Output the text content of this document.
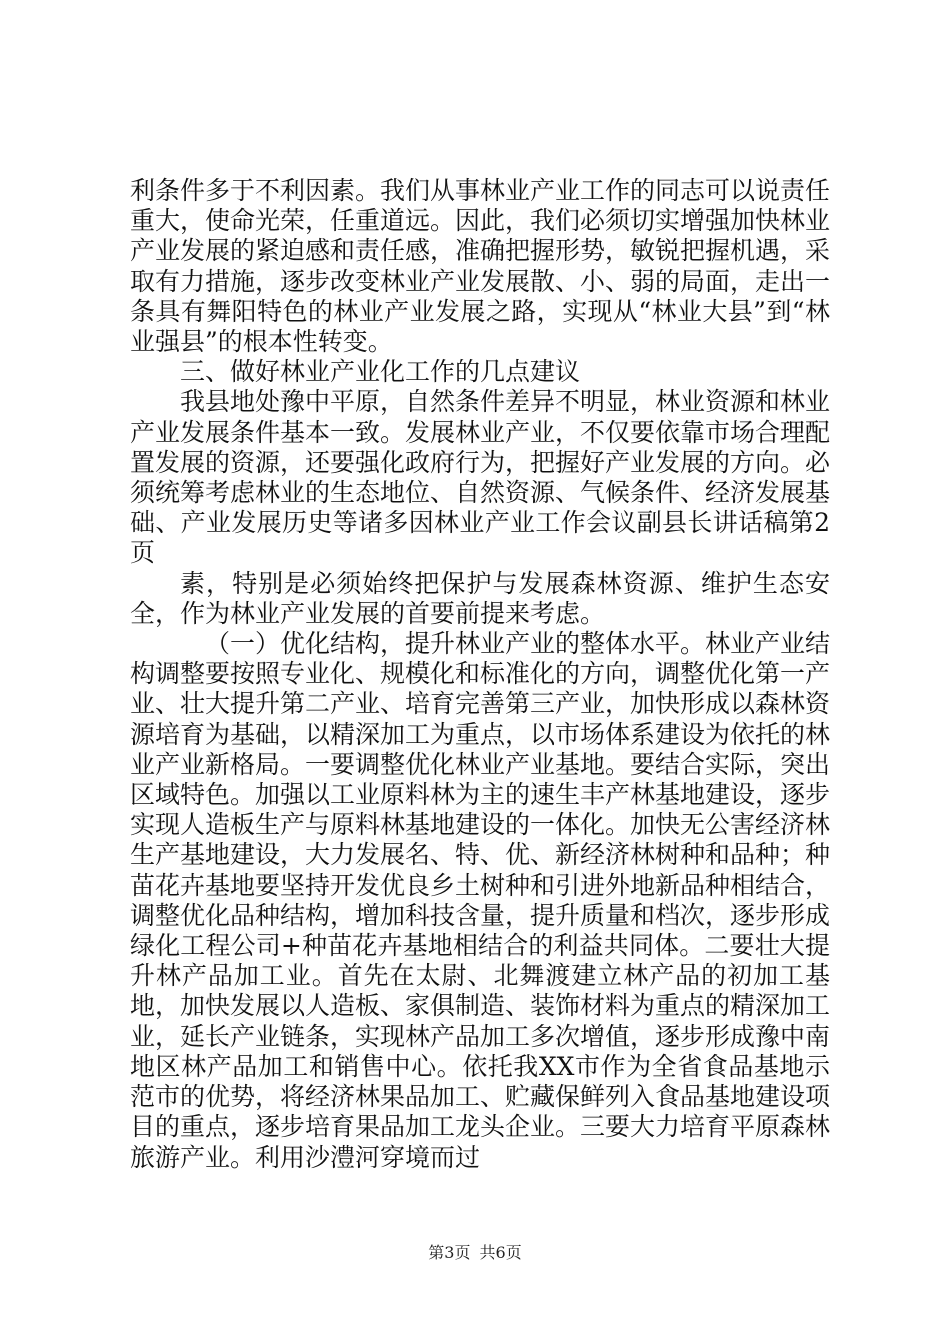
利条件多于不利因素。我们从事林业产业工作的同志可以说责任重大，使命光荣，任重道远。因此，我们必须切实增强加快林业产业发展的紧迫感和责任感，准确把握形势，敏锐把握机遇，采取有力措施，逐步改变林业产业发展散、小、弱的局面，走出一条具有舞阳特色的林业产业发展之路，实现从“林业大县”到“林业强县”的根本性转变。

三、做好林业产业化工作的几点建议

我县地处豫中平原，自然条件差异不明显，林业资源和林业产业发展条件基本一致。发展林业产业，不仅要依靠市场合理配置发展的资源，还要强化政府行为，把握好产业发展的方向。必须统筹考虑林业的生态地位、自然资源、气候条件、经济发展基础、产业发展历史等诸多因林业产业工作会议副县长讲话稿第2页

素，特别是必须始终把保护与发展森林资源、维护生态安全，作为林业产业发展的首要前提来考虑。

（一）优化结构，提升林业产业的整体水平。林业产业结构调整要按照专业化、规模化和标准化的方向，调整优化第一产业、壮大提升第二产业、培育完善第三产业，加快形成以森林资源培育为基础，以精深加工为重点，以市场体系建设为依托的林业产业新格局。一要调整优化林业产业基地。要结合实际，突出区域特色。加强以工业原料林为主的速生丰产林基地建设，逐步实现人造板生产与原料林基地建设的一体化。加快无公害经济林生产基地建设，大力发展名、特、优、新经济林树种和品种；种苗花卉基地要坚持开发优良乡土树种和引进外地新品种相结合，调整优化品种结构，增加科技含量，提升质量和档次，逐步形成绿化工程公司+种苗花卉基地相结合的利益共同体。二要壮大提升林产品加工业。首先在太尉、北舞渡建立林产品的初加工基地，加快发展以人造板、家俱制造、装饰材料为重点的精深加工业，延长产业链条，实现林产品加工多次增值，逐步形成豫中南地区林产品加工和销售中心。依托我XX市作为全省食品基地示范市的优势，将经济林果品加工、贮藏保鲜列入食品基地建设项目的重点，逐步培育果品加工龙头企业。三要大力培育平原森林旅游产业。利用沙澧河穿境而过

第3页 共6页
